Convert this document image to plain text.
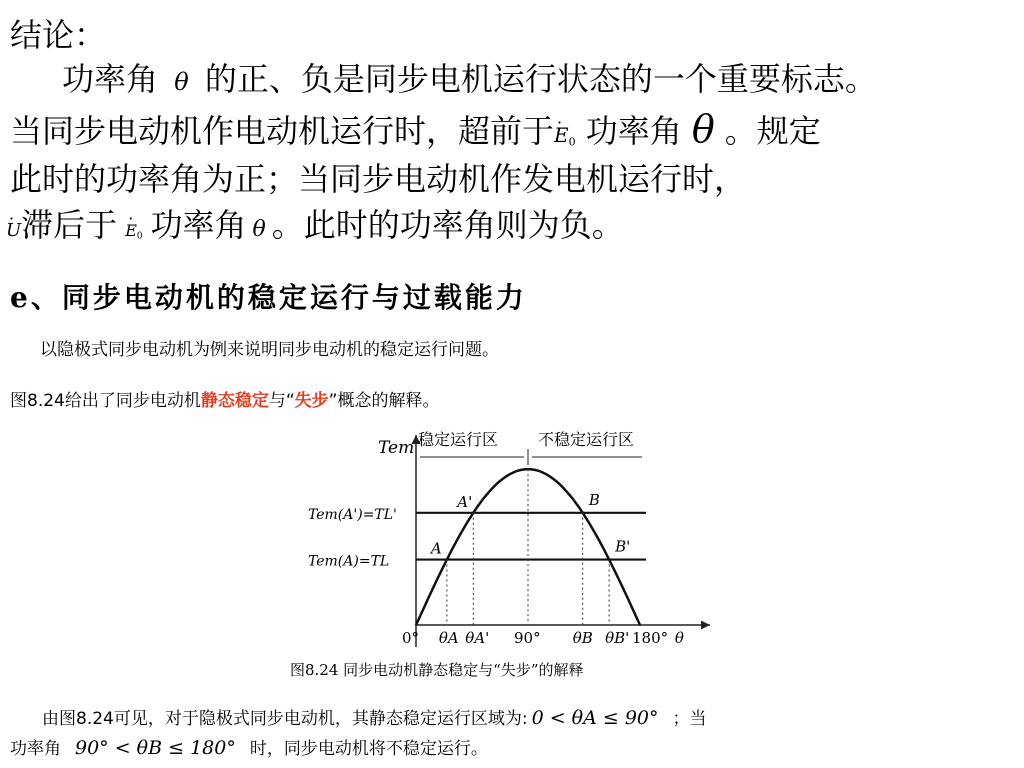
结论：
功率角 θ 的正、负是同步电机运行状态的一个重要标志。
当同步电动机作电动机运行时，超前于· $E_0$ 功率角 θ 。规定
此时的功率角为正；当同步电动机作发电机运行时，
· U滞后于· $E_0$ 功率角 θ 。此时的功率角则为负。
e、同步电动机的稳定运行与过载能力
以隐极式同步电动机为例来说明同步电动机的稳定运行问题。
图8.24给出了同步电动机静态稳定与“失步”概念的解释。
Tem 稳定运行区 不稳定运行区
Tem(A')=TL'
A'	B
Tem(A)=TL
A	B'
0° θA θA' 90° θB θB' 180° θ
图8.24 同步电动机静态稳定与“失步”的解释
由图8.24可见，对于隐极式同步电动机，其静态稳定运行区域为: 0 < θA ≤ 90° ；当
功率角 90° < θB ≤ 180° 时，同步电动机将不稳定运行。
